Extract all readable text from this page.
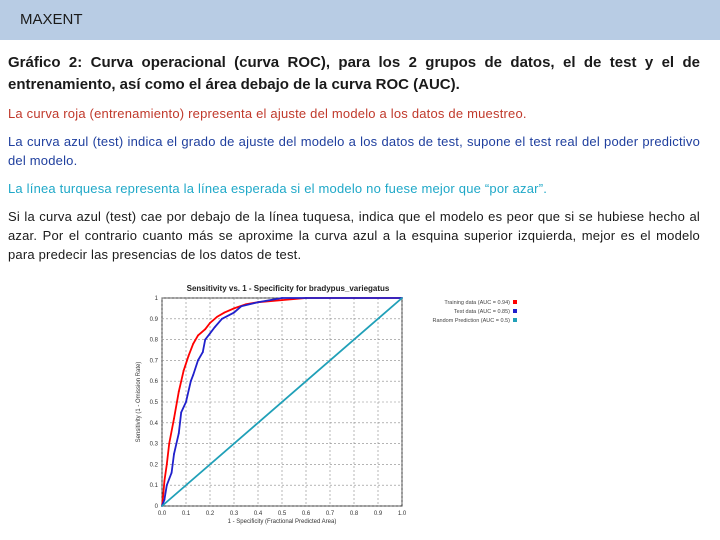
MAXENT

Gráfico 2: Curva operacional (curva ROC), para los 2 grupos de datos, el de test y el de entrenamiento, así como el área debajo de la curva ROC (AUC).

La curva roja (entrenamiento) representa el ajuste del modelo a los datos de muestreo.

La curva azul (test) indica el grado de ajuste del modelo a los datos de test, supone el test real del poder predictivo del modelo.

La línea turquesa representa la línea esperada si el modelo no fuese mejor que “por azar”.

Si la curva azul (test) cae por debajo de la línea tuquesa, indica que el modelo es peor que si se hubiese hecho al azar. Por el contrario cuanto más se aproxime la curva azul a la esquina superior izquierda, mejor es el modelo para predecir las presencias de los datos de test.

Sensitivity vs. 1 - Specificity for bradypus_variegatus
0.0	0.1	0.2	0.3	0.4	0.5	0.6	0.7	0.8	0.9	1.0
0
0.1
0.2
0.3
0.4
0.5
0.6
0.7
0.8
0.9
1
Training data (AUC = 0.94)
Test data (AUC = 0.85)
Random Prediction (AUC = 0.5)
1 - Specificity (Fractional Predicted Area)
Sensitivity (1 - Omission Rate)
